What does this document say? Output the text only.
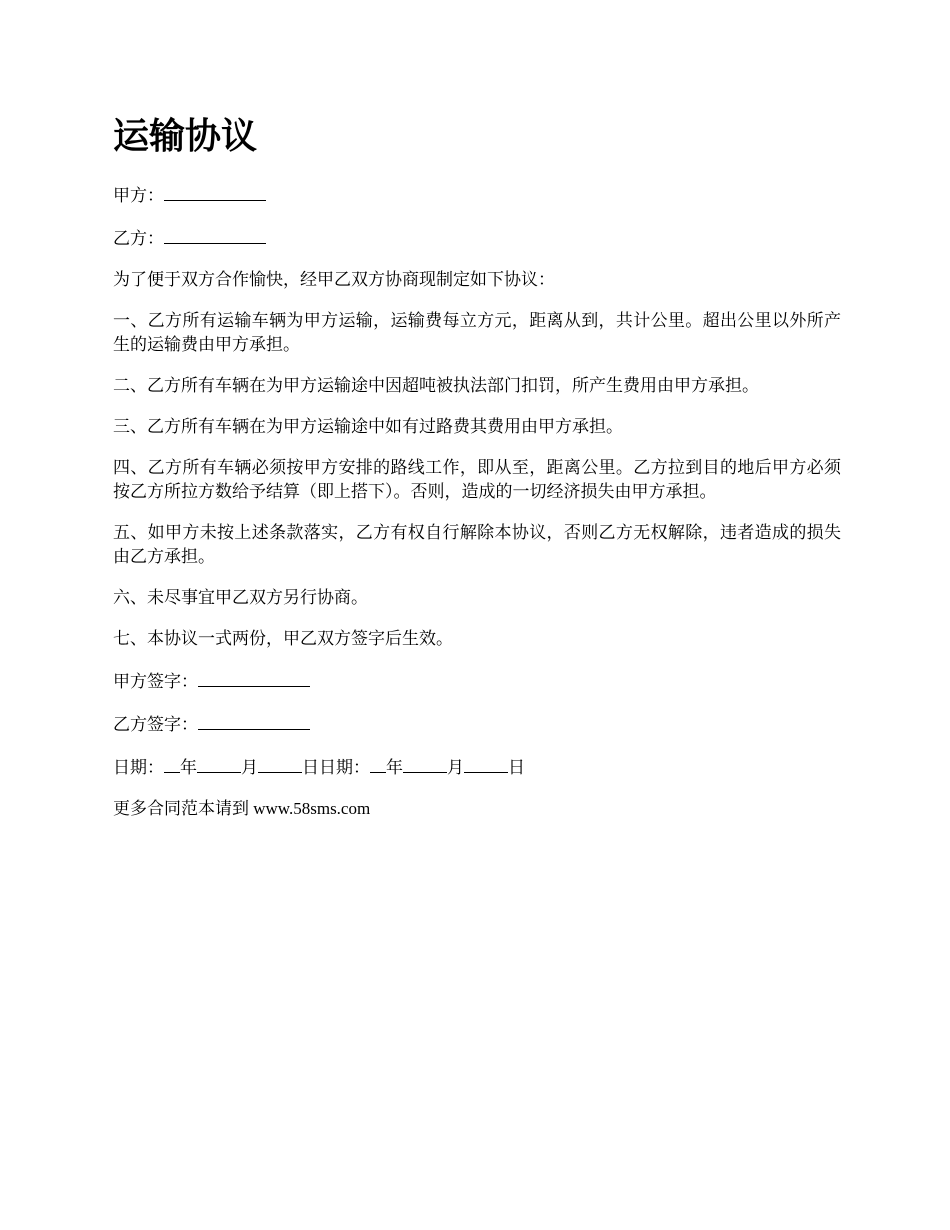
运输协议

甲方：

乙方：

为了便于双方合作愉快，经甲乙双方协商现制定如下协议：

一、乙方所有运输车辆为甲方运输，运输费每立方元，距离从到，共计公里。超出公里以外所产生的运输费由甲方承担。

二、乙方所有车辆在为甲方运输途中因超吨被执法部门扣罚，所产生费用由甲方承担。

三、乙方所有车辆在为甲方运输途中如有过路费其费用由甲方承担。

四、乙方所有车辆必须按甲方安排的路线工作，即从至，距离公里。乙方拉到目的地后甲方必须按乙方所拉方数给予结算（即上搭下）。否则，造成的一切经济损失由甲方承担。

五、如甲方未按上述条款落实，乙方有权自行解除本协议，否则乙方无权解除，违者造成的损失由乙方承担。

六、未尽事宜甲乙双方另行协商。

七、本协议一式两份，甲乙双方签字后生效。

甲方签字：

乙方签字：

日期： 年	月	日日期： 年	月	日

更多合同范本请到 www.58sms.com
